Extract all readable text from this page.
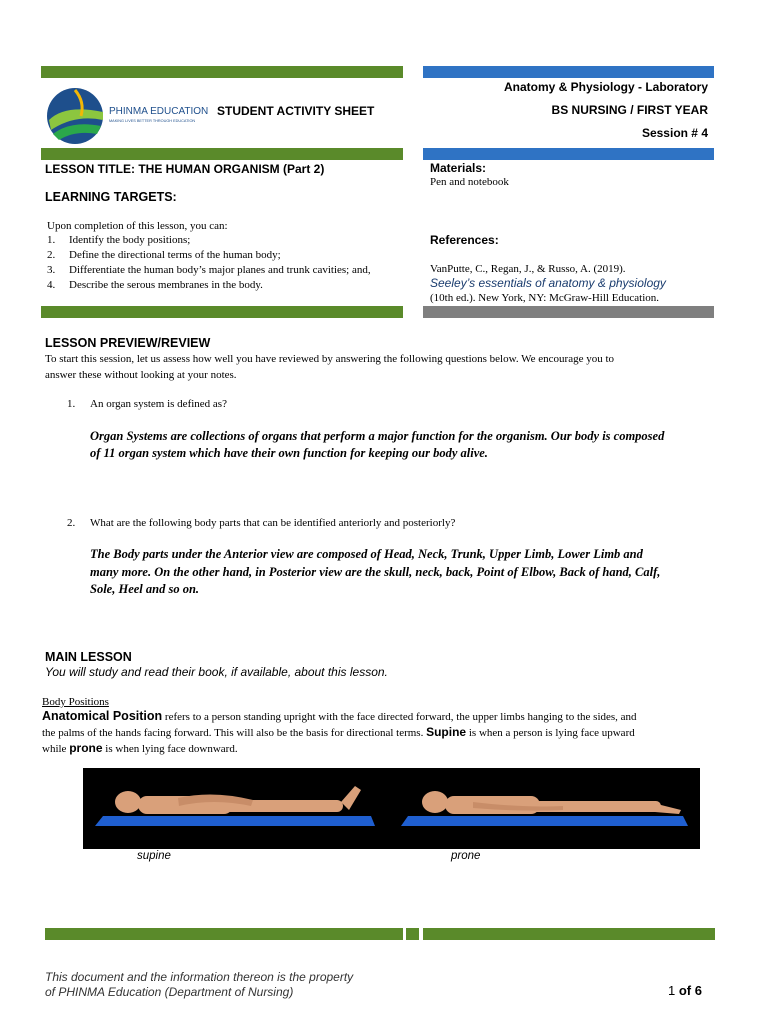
PHINMA EDUCATION
MAKING LIVES BETTER THROUGH EDUCATION
STUDENT ACTIVITY SHEET
Anatomy & Physiology - Laboratory
BS NURSING / FIRST YEAR
Session # 4
LESSON TITLE: THE HUMAN ORGANISM (Part 2)
LEARNING TARGETS:
Upon completion of this lesson, you can:
1. Identify the body positions;
2. Define the directional terms of the human body;
3. Differentiate the human body’s major planes and trunk cavities; and,
4. Describe the serous membranes in the body.
Materials:
Pen and notebook
References:
VanPutte, C., Regan, J., & Russo, A. (2019).
Seeley’s essentials of anatomy & physiology
(10th ed.). New York, NY: McGraw-Hill Education.
LESSON PREVIEW/REVIEW
To start this session, let us assess how well you have reviewed by answering the following questions below. We encourage you to
answer these without looking at your notes.
1. An organ system is defined as?
Organ Systems are collections of organs that perform a major function for the organism. Our body is composed
of 11 organ system which have their own function for keeping our body alive.
2. What are the following body parts that can be identified anteriorly and posteriorly?
The Body parts under the Anterior view are composed of Head, Neck, Trunk, Upper Limb, Lower Limb and
many more. On the other hand, in Posterior view are the skull, neck, back, Point of Elbow, Back of hand, Calf,
Sole, Heel and so on.
MAIN LESSON
You will study and read their book, if available, about this lesson.
Body Positions
Anatomical Position refers to a person standing upright with the face directed forward, the upper limbs hanging to the sides, and
the palms of the hands facing forward. This will also be the basis for directional terms. Supine is when a person is lying face upward
while prone is when lying face downward.
supine	prone
This document and the information thereon is the property
of PHINMA Education (Department of Nursing)	1 of 6
